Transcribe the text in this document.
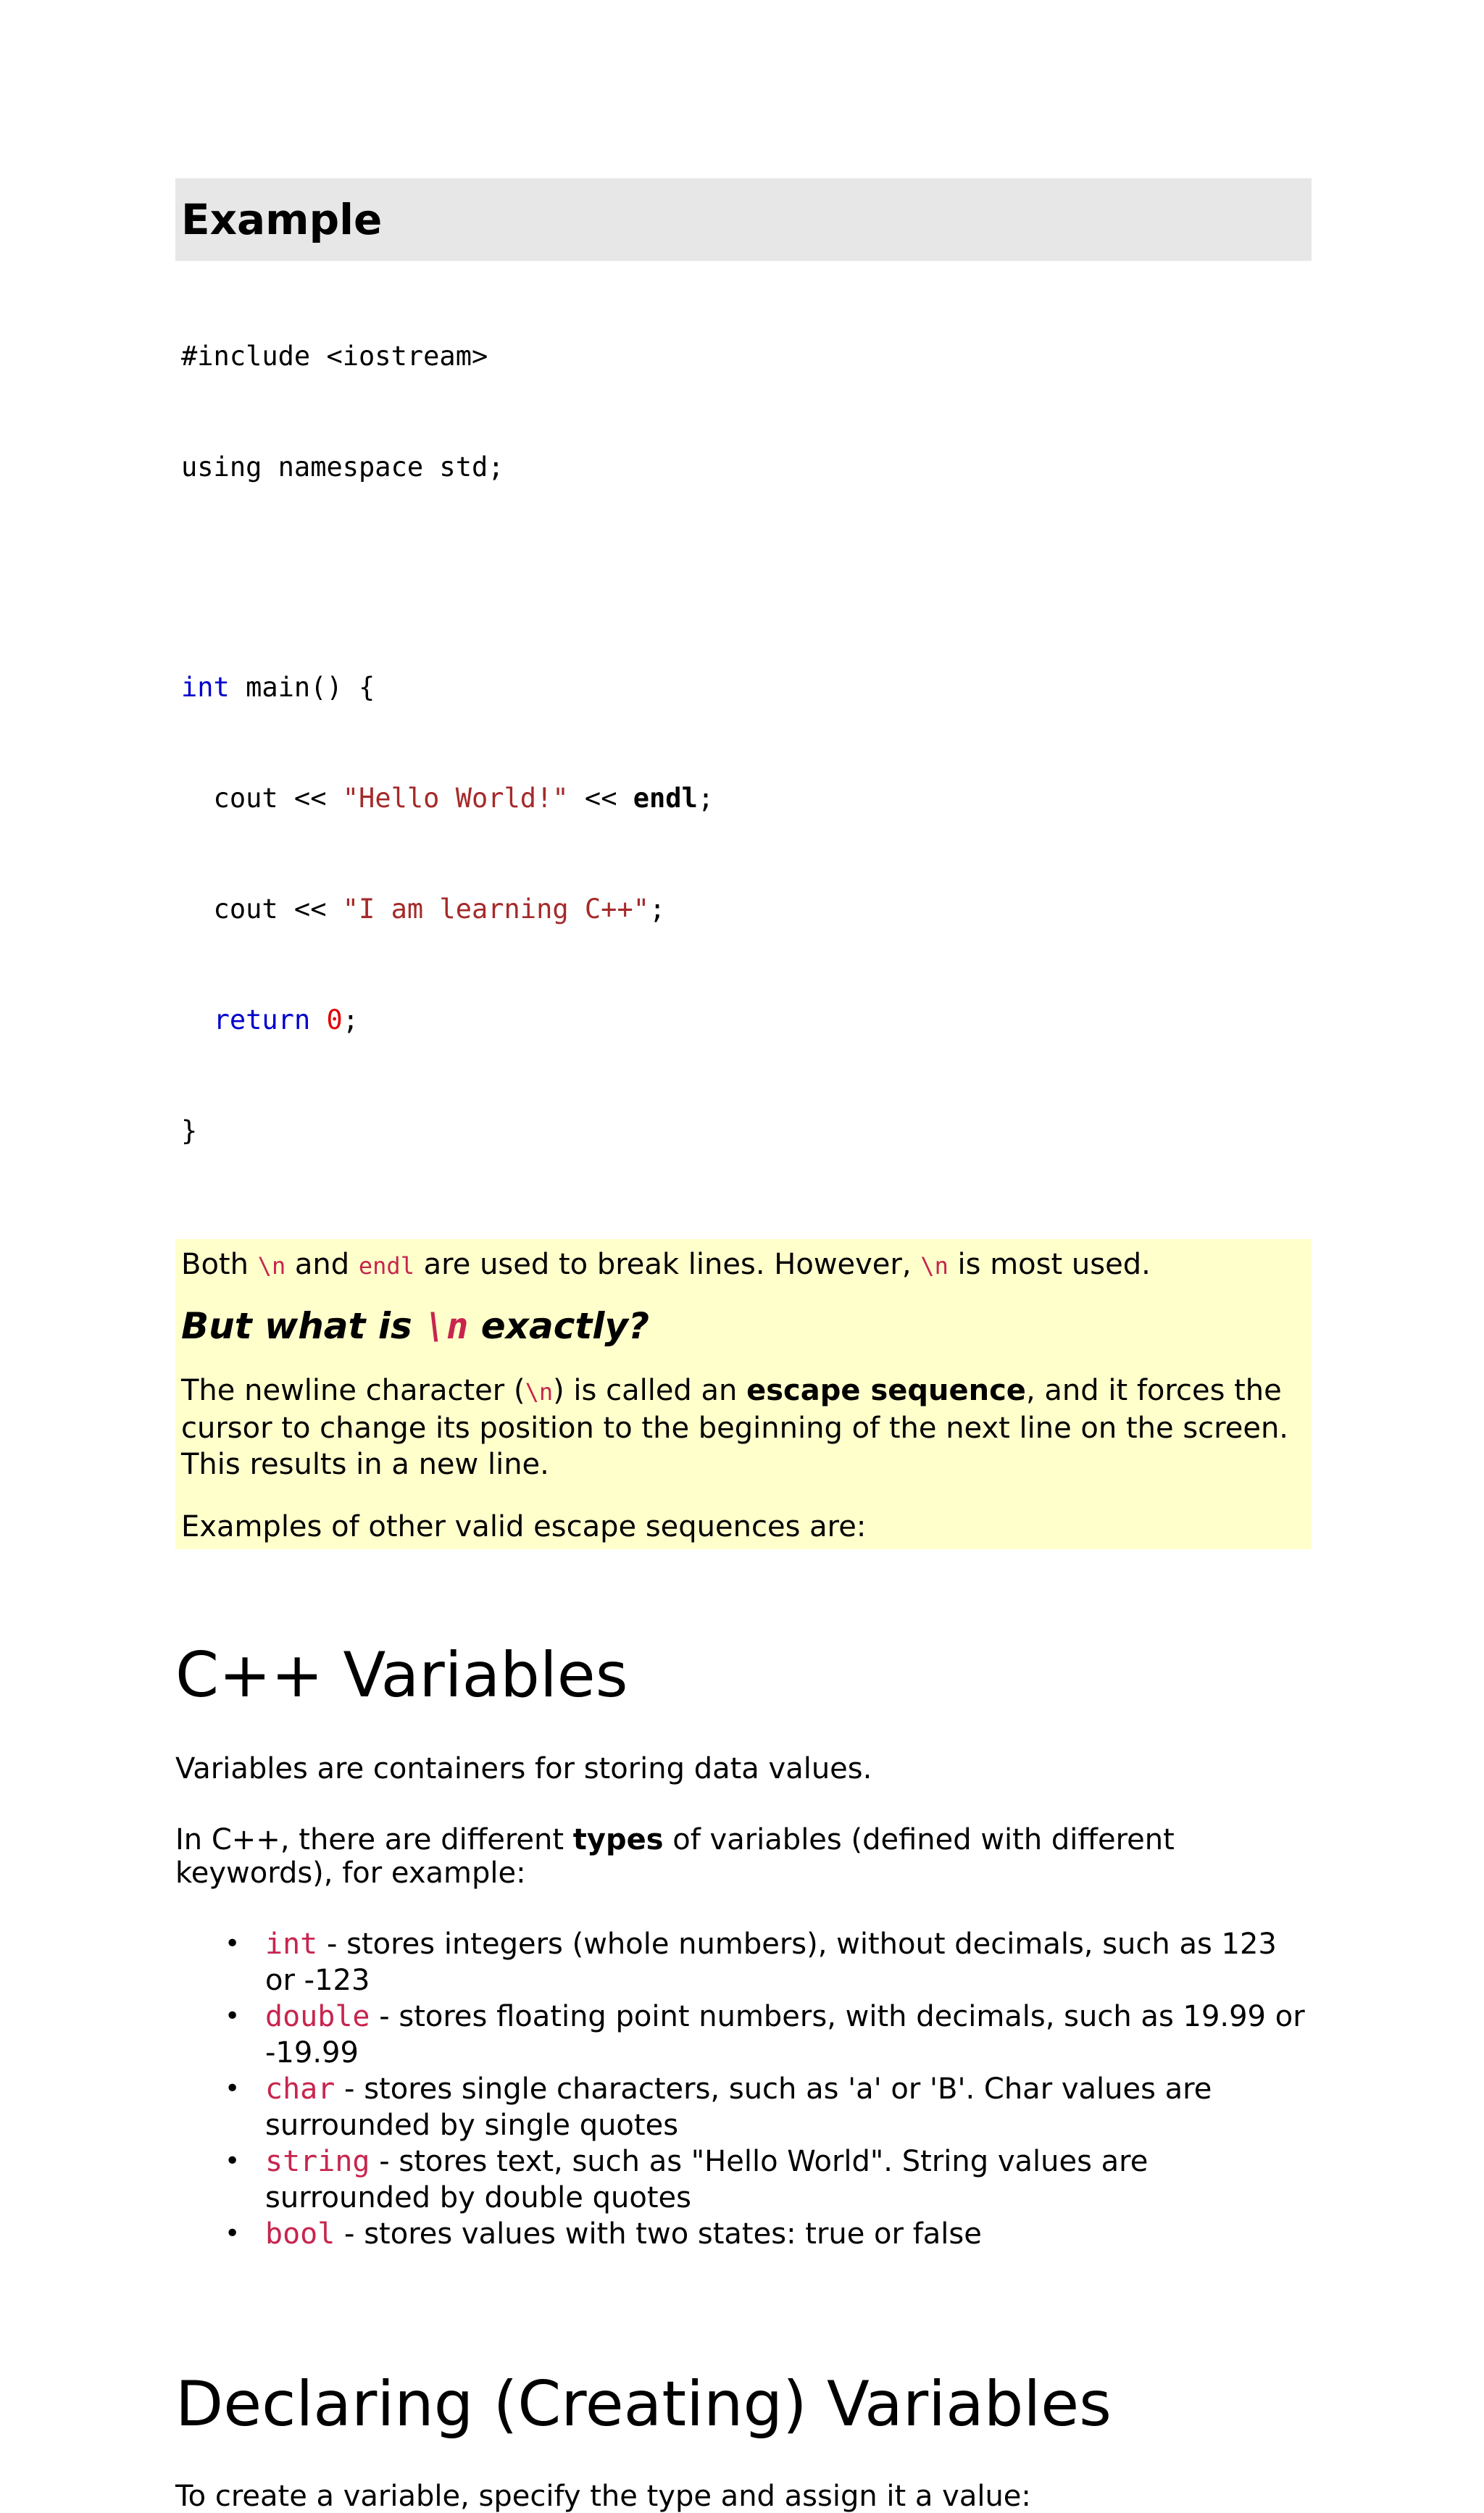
Example

#include <iostream>

using namespace std;

int main() {

cout << "Hello World!" << endl;

cout << "I am learning C++";

return 0;

}

Both \n and endl are used to break lines. However, \n is most used.

But what is \n exactly?

The newline character (\n) is called an escape sequence, and it forces the cursor to change its position to the beginning of the next line on the screen. This results in a new line.

Examples of other valid escape sequences are:

C++ Variables

Variables are containers for storing data values.

In C++, there are different types of variables (defined with different keywords), for example:

• int - stores integers (whole numbers), without decimals, such as 123 or -123
• double - stores floating point numbers, with decimals, such as 19.99 or -19.99
• char - stores single characters, such as 'a' or 'B'. Char values are surrounded by single quotes
• string - stores text, such as "Hello World". String values are surrounded by double quotes
• bool - stores values with two states: true or false
Declaring (Creating) Variables

To create a variable, specify the type and assign it a value:
